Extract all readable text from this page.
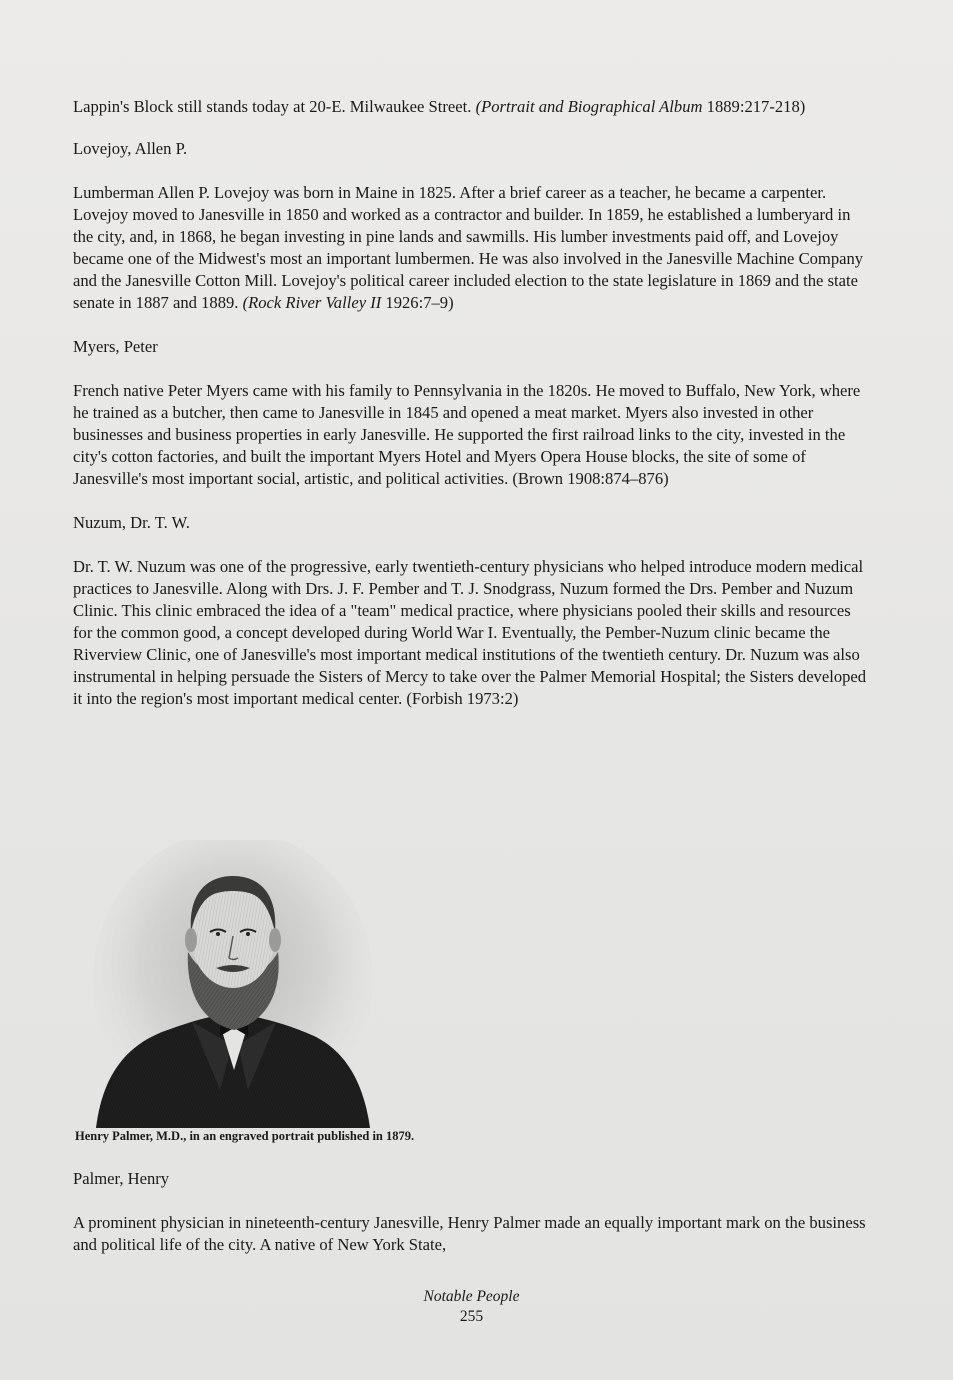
Lappin's Block still stands today at 20-E. Milwaukee Street. (Portrait and Biographical Album 1889:217-218)

Lovejoy, Allen P.

Lumberman Allen P. Lovejoy was born in Maine in 1825. After a brief career as a teacher, he became a carpenter. Lovejoy moved to Janesville in 1850 and worked as a contractor and builder. In 1859, he established a lumberyard in the city, and, in 1868, he began investing in pine lands and sawmills. His lumber investments paid off, and Lovejoy became one of the Midwest's most an important lumbermen. He was also involved in the Janesville Machine Company and the Janesville Cotton Mill. Lovejoy's political career included election to the state legislature in 1869 and the state senate in 1887 and 1889. (Rock River Valley II 1926:7–9)

Myers, Peter

French native Peter Myers came with his family to Pennsylvania in the 1820s. He moved to Buffalo, New York, where he trained as a butcher, then came to Janesville in 1845 and opened a meat market. Myers also invested in other businesses and business properties in early Janesville. He supported the first railroad links to the city, invested in the city's cotton factories, and built the important Myers Hotel and Myers Opera House blocks, the site of some of Janesville's most important social, artistic, and political activities. (Brown 1908:874–876)

Nuzum, Dr. T. W.

Dr. T. W. Nuzum was one of the progressive, early twentieth-century physicians who helped introduce modern medical practices to Janesville. Along with Drs. J. F. Pember and T. J. Snodgrass, Nuzum formed the Drs. Pember and Nuzum Clinic. This clinic embraced the idea of a "team" medical practice, where physicians pooled their skills and resources for the common good, a concept developed during World War I. Eventually, the Pember-Nuzum clinic became the Riverview Clinic, one of Janesville's most important medical institutions of the twentieth century. Dr. Nuzum was also instrumental in helping persuade the Sisters of Mercy to take over the Palmer Memorial Hospital; the Sisters developed it into the region's most important medical center. (Forbish 1973:2)

Henry Palmer, M.D., in an engraved portrait published in 1879.
Palmer, Henry

A prominent physician in nineteenth-century Janesville, Henry Palmer made an equally important mark on the business and political life of the city. A native of New York State,

Notable People
255
